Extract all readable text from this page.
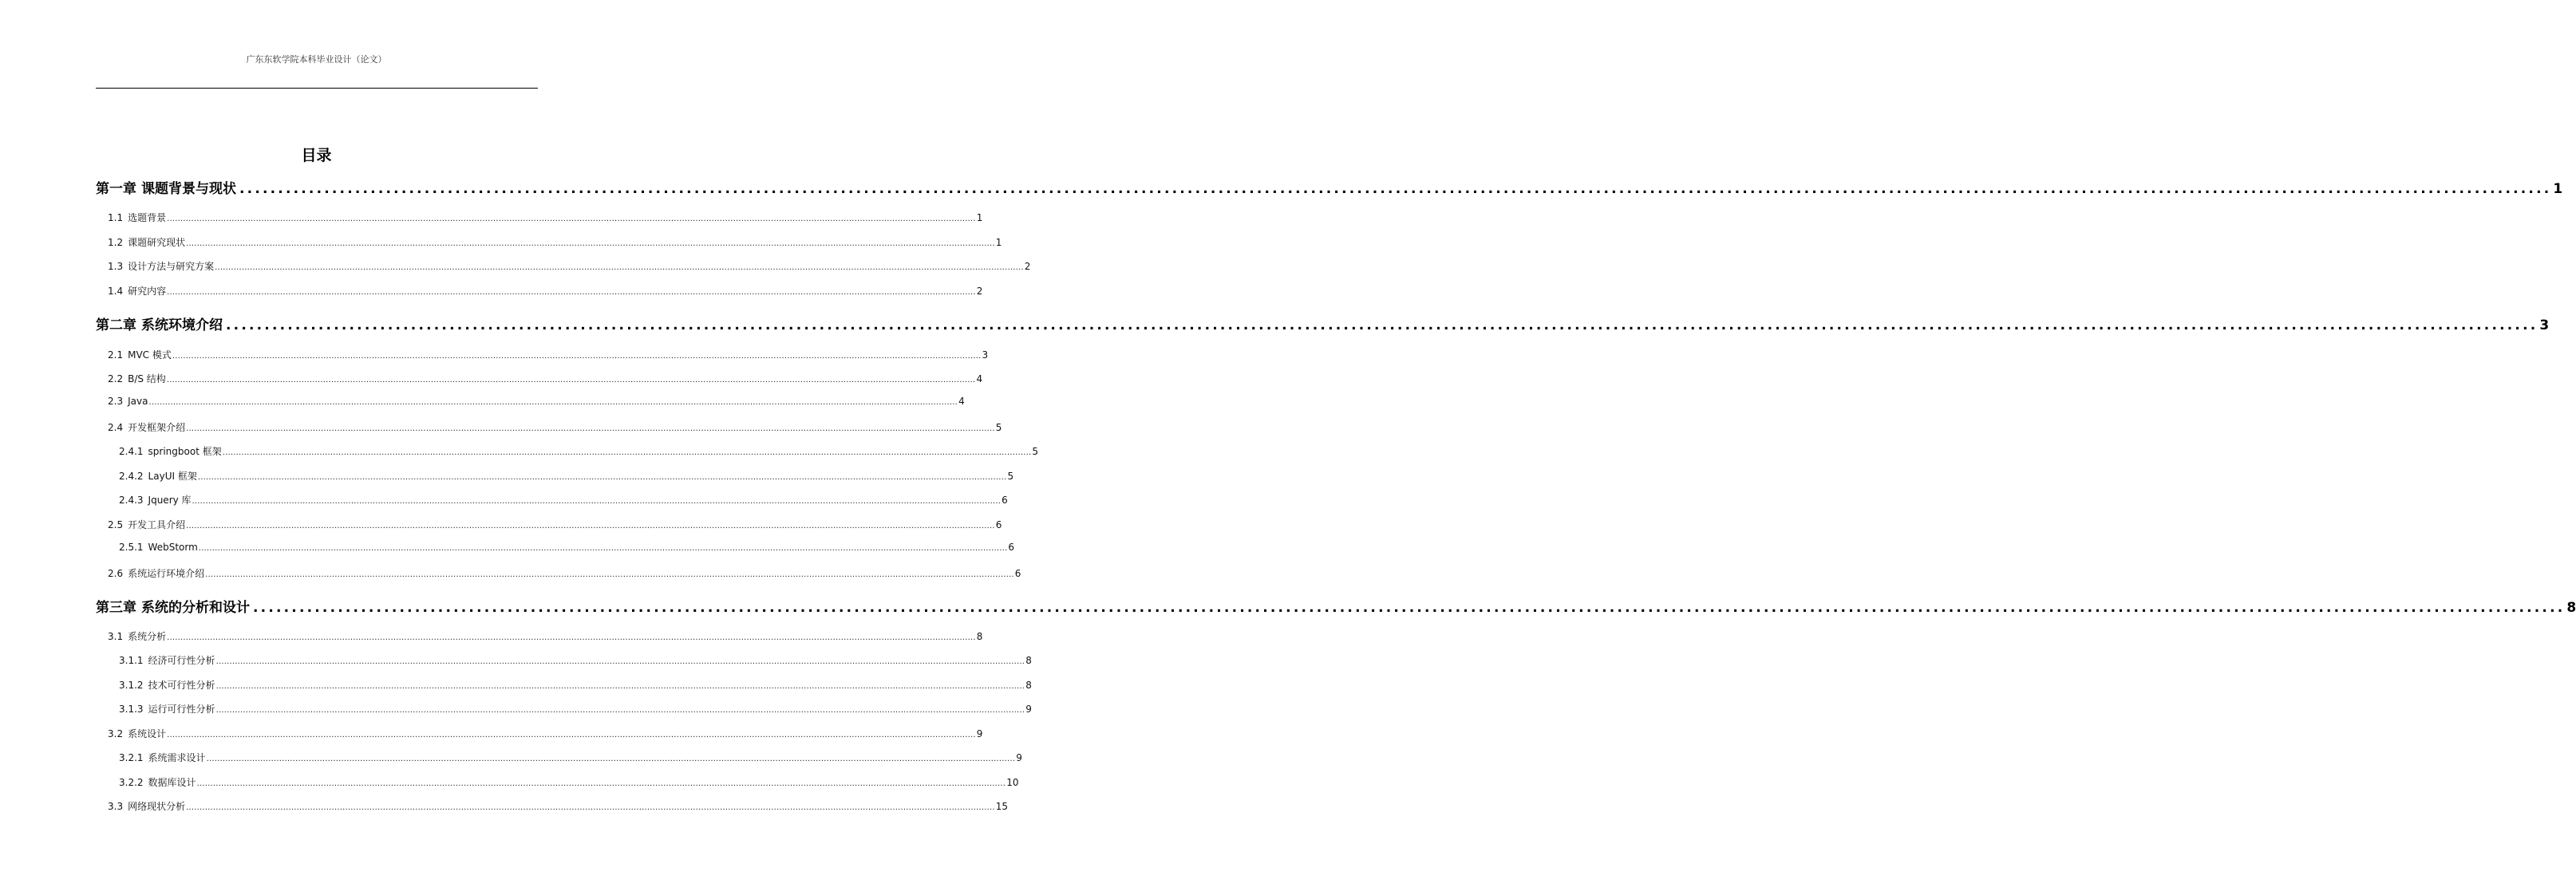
广东东软学院本科毕业设计（论文）
目录
第一章 课题背景与现状 ............................................................................................................................................................................................................................................................................................................ 1
1.1 选题背景 ............................................................................................................................................................................................................................................................................................................ 1
1.2 课题研究现状 ............................................................................................................................................................................................................................................................................................................ 1
1.3 设计方法与研究方案 ............................................................................................................................................................................................................................................................................................................ 2
1.4 研究内容 ............................................................................................................................................................................................................................................................................................................ 2
第二章 系统环境介绍 ............................................................................................................................................................................................................................................................................................................ 3
2.1 MVC 模式 ............................................................................................................................................................................................................................................................................................................ 3
2.2 B/S 结构 ............................................................................................................................................................................................................................................................................................................ 4
2.3 Java ............................................................................................................................................................................................................................................................................................................ 4
2.4 开发框架介绍 ............................................................................................................................................................................................................................................................................................................ 5
2.4.1 springboot 框架 ............................................................................................................................................................................................................................................................................................................ 5
2.4.2 LayUI 框架 ............................................................................................................................................................................................................................................................................................................ 5
2.4.3 Jquery 库 ............................................................................................................................................................................................................................................................................................................ 6
2.5 开发工具介绍 ............................................................................................................................................................................................................................................................................................................ 6
2.5.1 WebStorm ............................................................................................................................................................................................................................................................................................................ 6
2.6 系统运行环境介绍 ............................................................................................................................................................................................................................................................................................................ 6
第三章 系统的分析和设计 ............................................................................................................................................................................................................................................................................................................ 8
3.1 系统分析 ............................................................................................................................................................................................................................................................................................................ 8
3.1.1 经济可行性分析 ............................................................................................................................................................................................................................................................................................................ 8
3.1.2 技术可行性分析 ............................................................................................................................................................................................................................................................................................................ 8
3.1.3 运行可行性分析 ............................................................................................................................................................................................................................................................................................................ 9
3.2 系统设计 ............................................................................................................................................................................................................................................................................................................ 9
3.2.1 系统需求设计 ............................................................................................................................................................................................................................................................................................................ 9
3.2.2 数据库设计 ............................................................................................................................................................................................................................................................................................................ 10
3.3 网络现状分析 ............................................................................................................................................................................................................................................................................................................ 15
